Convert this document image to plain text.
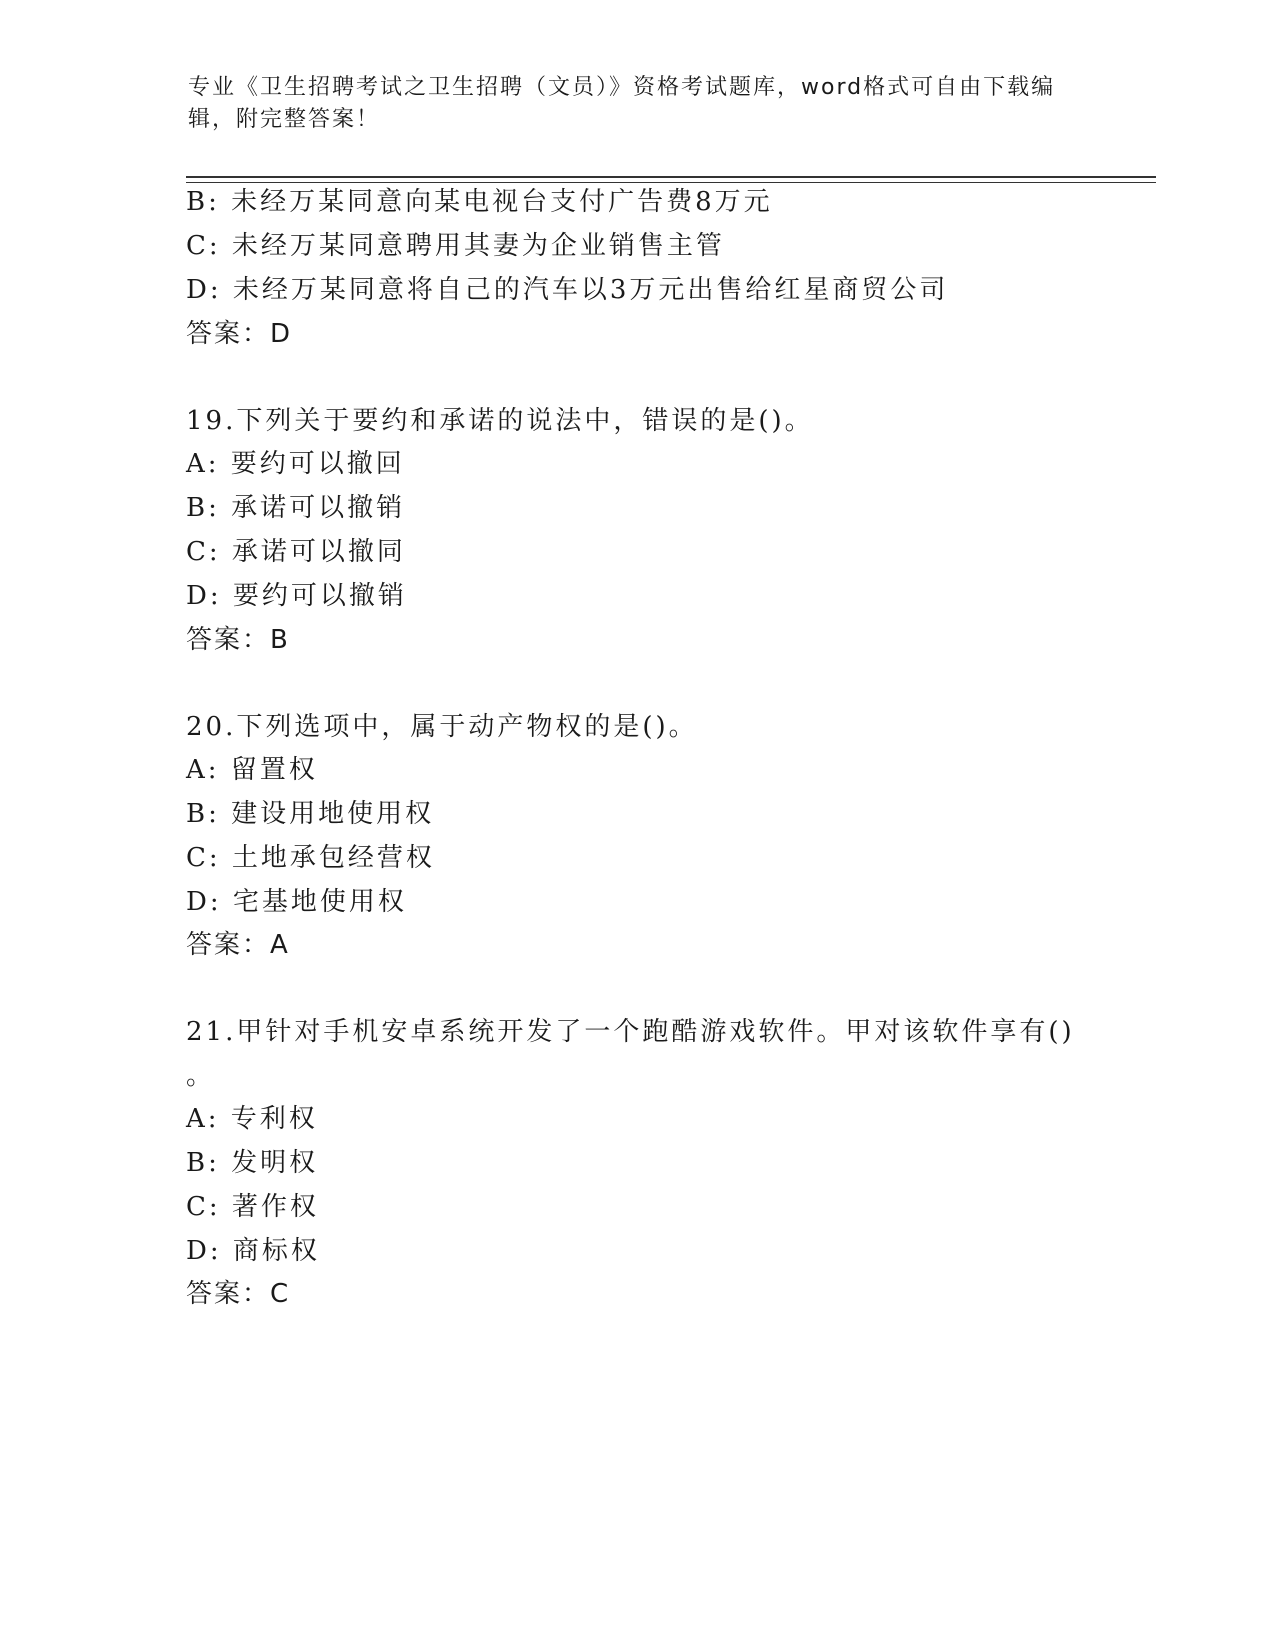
专业《卫生招聘考试之卫生招聘（文员）》资格考试题库，word格式可自由下载编辑，附完整答案！
B: 未经万某同意向某电视台支付广告费8万元
C: 未经万某同意聘用其妻为企业销售主管
D: 未经万某同意将自己的汽车以3万元出售给红星商贸公司
答案：D
19.下列关于要约和承诺的说法中，错误的是()。
A: 要约可以撤回
B: 承诺可以撤销
C: 承诺可以撤同
D: 要约可以撤销
答案：B
20.下列选项中，属于动产物权的是()。
A: 留置权
B: 建设用地使用权
C: 土地承包经营权
D: 宅基地使用权
答案：A
21.甲针对手机安卓系统开发了一个跑酷游戏软件。甲对该软件享有()
。
A: 专利权
B: 发明权
C: 著作权
D: 商标权
答案：C
